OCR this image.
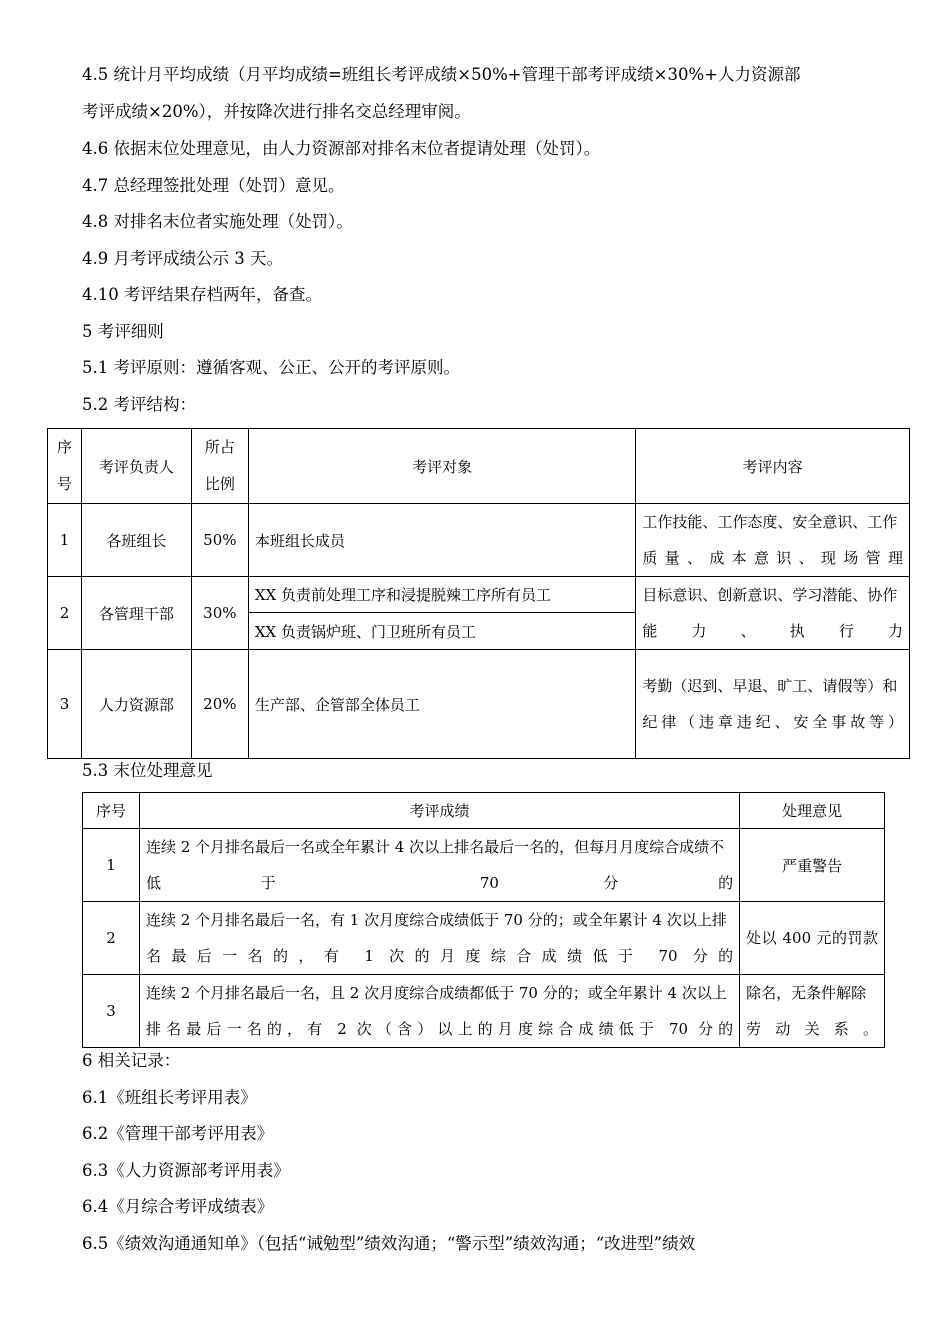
4.5 统计月平均成绩（月平均成绩=班组长考评成绩×50%+管理干部考评成绩×30%+人力资源部
考评成绩×20%），并按降次进行排名交总经理审阅。
4.6 依据末位处理意见，由人力资源部对排名末位者提请处理（处罚）。
4.7 总经理签批处理（处罚）意见。
4.8 对排名末位者实施处理（处罚）。
4.9 月考评成绩公示 3 天。
4.10 考评结果存档两年，备查。
5 考评细则
5.1 考评原则：遵循客观、公正、公开的考评原则。
5.2 考评结构：
序号	考评负责人	所占比例	考评对象	考评内容
1	各班组长	50%	本班组长成员	工作技能、工作态度、安全意识、工作质量、成本意识、现场管理
2	各管理干部	30%	XX 负责前处理工序和浸提脱辣工序所有员工	目标意识、创新意识、学习潜能、协作能力、执行力
			XX 负责锅炉班、门卫班所有员工	
3	人力资源部	20%	生产部、企管部全体员工	考勤（迟到、早退、旷工、请假等）和纪律（违章违纪、安全事故等）
5.3 末位处理意见
序号	考评成绩	处理意见
1	连续 2 个月排名最后一名或全年累计 4 次以上排名最后一名的，但每月月度综合成绩不低于 70 分的	严重警告
2	连续 2 个月排名最后一名，有 1 次月度综合成绩低于 70 分的；或全年累计 4 次以上排名最后一名的，有 1 次的月度综合成绩低于 70 分的	处以 400 元的罚款
3	连续 2 个月排名最后一名，且 2 次月度综合成绩都低于 70 分的；或全年累计 4 次以上排名最后一名的，有 2 次（含）以上的月度综合成绩低于 70 分的	除名，无条件解除劳动关系。
6 相关记录：
6.1《班组长考评用表》
6.2《管理干部考评用表》
6.3《人力资源部考评用表》
6.4《月综合考评成绩表》
6.5《绩效沟通通知单》（包括“诫勉型”绩效沟通；“警示型”绩效沟通；“改进型”绩效
